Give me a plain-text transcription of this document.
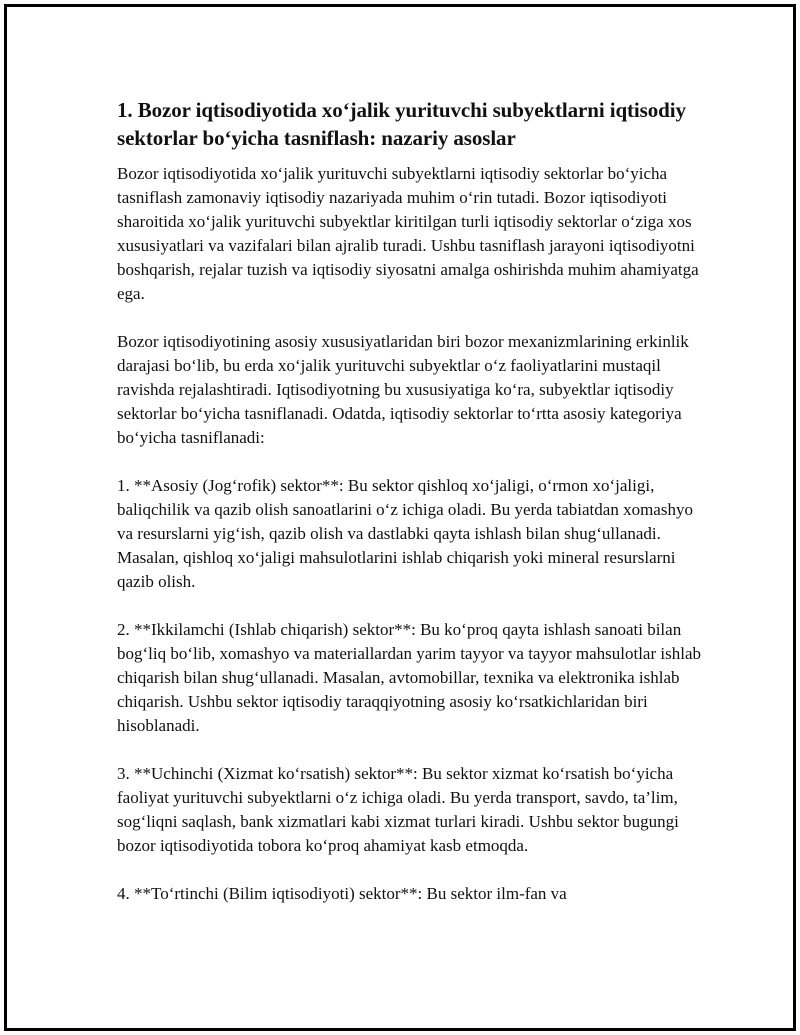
1. Bozor iqtisodiyotida xo‘jalik yurituvchi subyektlarni iqtisodiy sektorlar bo‘yicha tasniflash: nazariy asoslar

Bozor iqtisodiyotida xo‘jalik yurituvchi subyektlarni iqtisodiy sektorlar bo‘yicha tasniflash zamonaviy iqtisodiy nazariyada muhim o‘rin tutadi. Bozor iqtisodiyoti sharoitida xo‘jalik yurituvchi subyektlar kiritilgan turli iqtisodiy sektorlar o‘ziga xos xususiyatlari va vazifalari bilan ajralib turadi. Ushbu tasniflash jarayoni iqtisodiyotni boshqarish, rejalar tuzish va iqtisodiy siyosatni amalga oshirishda muhim ahamiyatga ega.

Bozor iqtisodiyotining asosiy xususiyatlaridan biri bozor mexanizmlarining erkinlik darajasi bo‘lib, bu erda xo‘jalik yurituvchi subyektlar o‘z faoliyatlarini mustaqil ravishda rejalashtiradi. Iqtisodiyotning bu xususiyatiga ko‘ra, subyektlar iqtisodiy sektorlar bo‘yicha tasniflanadi. Odatda, iqtisodiy sektorlar to‘rtta asosiy kategoriya bo‘yicha tasniflanadi:

1. **Asosiy (Jog‘rofik) sektor**: Bu sektor qishloq xo‘jaligi, o‘rmon xo‘jaligi, baliqchilik va qazib olish sanoatlarini o‘z ichiga oladi. Bu yerda tabiatdan xomashyo va resurslarni yig‘ish, qazib olish va dastlabki qayta ishlash bilan shug‘ullanadi. Masalan, qishloq xo‘jaligi mahsulotlarini ishlab chiqarish yoki mineral resurslarni qazib olish.

2. **Ikkilamchi (Ishlab chiqarish) sektor**: Bu ko‘proq qayta ishlash sanoati bilan bog‘liq bo‘lib, xomashyo va materiallardan yarim tayyor va tayyor mahsulotlar ishlab chiqarish bilan shug‘ullanadi. Masalan, avtomobillar, texnika va elektronika ishlab chiqarish. Ushbu sektor iqtisodiy taraqqiyotning asosiy ko‘rsatkichlaridan biri hisoblanadi.

3. **Uchinchi (Xizmat ko‘rsatish) sektor**: Bu sektor xizmat ko‘rsatish bo‘yicha faoliyat yurituvchi subyektlarni o‘z ichiga oladi. Bu yerda transport, savdo, ta’lim, sog‘liqni saqlash, bank xizmatlari kabi xizmat turlari kiradi. Ushbu sektor bugungi bozor iqtisodiyotida tobora ko‘proq ahamiyat kasb etmoqda.

4. **To‘rtinchi (Bilim iqtisodiyoti) sektor**: Bu sektor ilm-fan va
